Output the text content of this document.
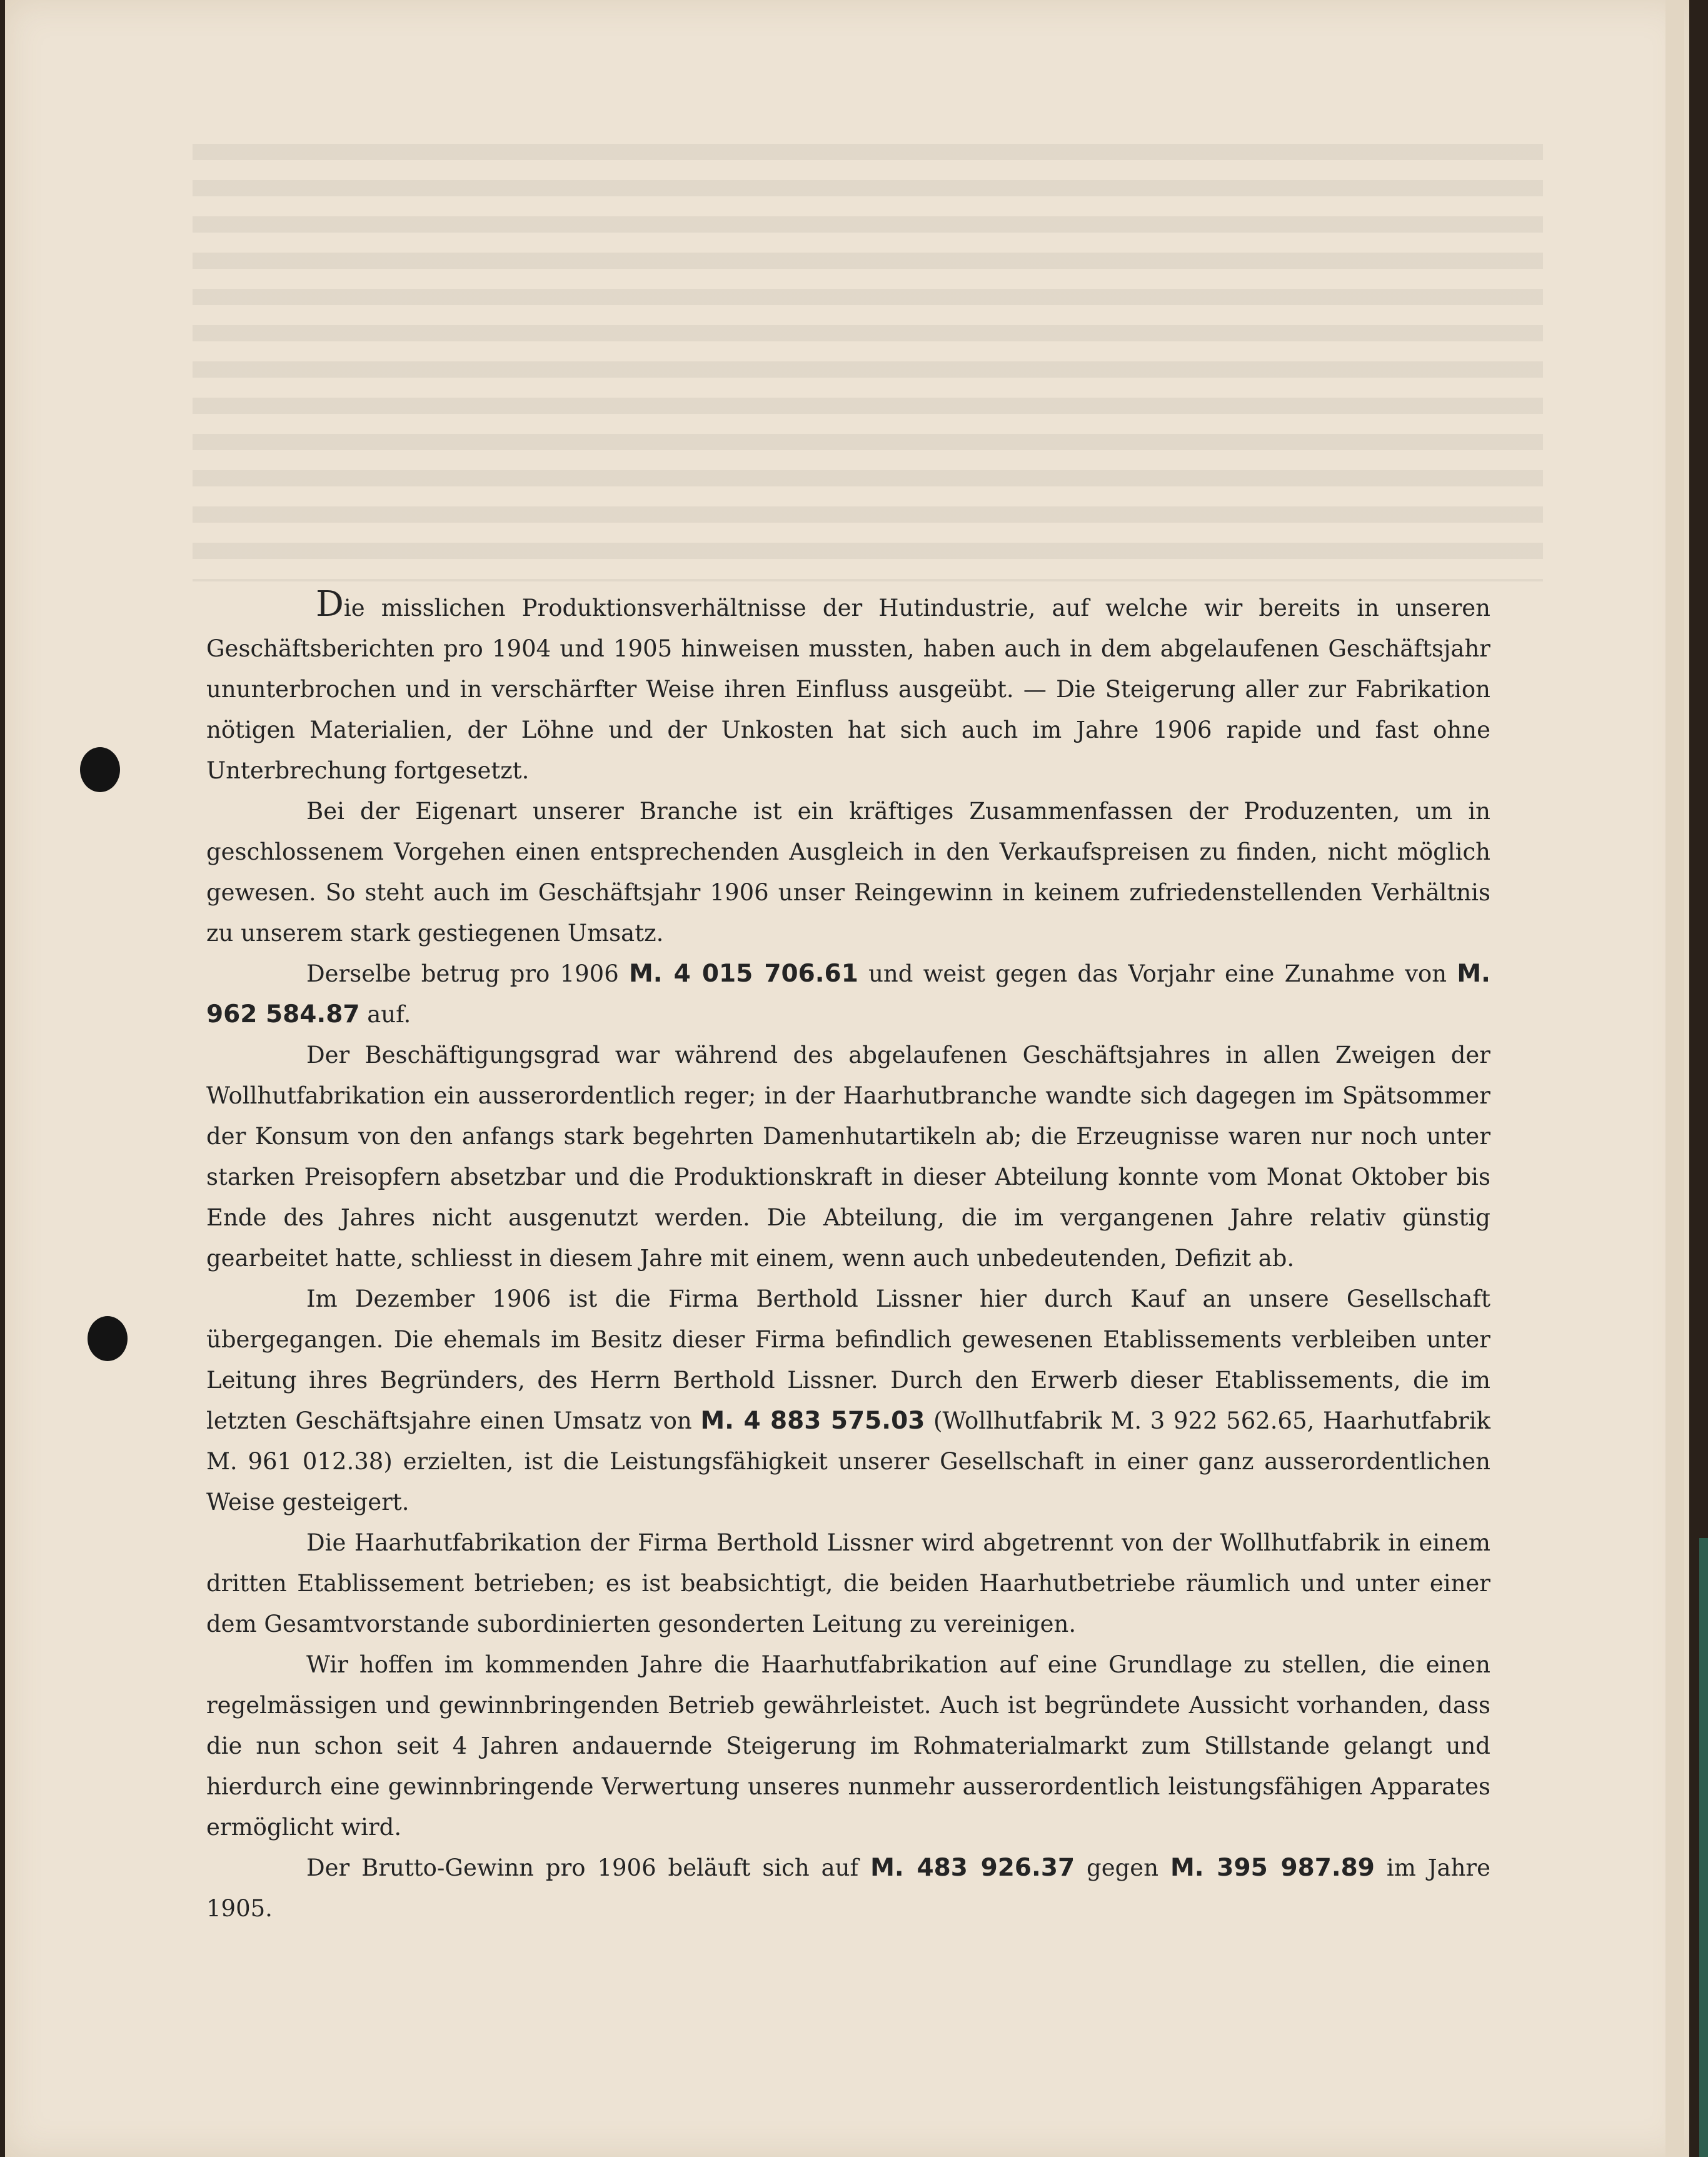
Die misslichen Produktionsverhältnisse der Hutindustrie, auf welche wir bereits in unseren Geschäftsberichten pro 1904 und 1905 hinweisen mussten, haben auch in dem abgelaufenen Geschäftsjahr ununterbrochen und in verschärfter Weise ihren Einfluss ausgeübt. — Die Steigerung aller zur Fabrikation nötigen Materialien, der Löhne und der Unkosten hat sich auch im Jahre 1906 rapide und fast ohne Unterbrechung fortgesetzt.

Bei der Eigenart unserer Branche ist ein kräftiges Zusammenfassen der Produzenten, um in geschlossenem Vorgehen einen entsprechenden Ausgleich in den Verkaufspreisen zu finden, nicht möglich gewesen. So steht auch im Geschäftsjahr 1906 unser Reingewinn in keinem zufriedenstellenden Verhältnis zu unserem stark gestiegenen Umsatz.

Derselbe betrug pro 1906 M. 4 015 706.61 und weist gegen das Vorjahr eine Zunahme von M. 962 584.87 auf.

Der Beschäftigungsgrad war während des abgelaufenen Geschäftsjahres in allen Zweigen der Wollhutfabrikation ein ausserordentlich reger; in der Haarhutbranche wandte sich dagegen im Spätsommer der Konsum von den anfangs stark begehrten Damenhutartikeln ab; die Erzeugnisse waren nur noch unter starken Preisopfern absetzbar und die Produktionskraft in dieser Abteilung konnte vom Monat Oktober bis Ende des Jahres nicht ausgenutzt werden. Die Abteilung, die im vergangenen Jahre relativ günstig gearbeitet hatte, schliesst in diesem Jahre mit einem, wenn auch unbedeutenden, Defizit ab.

Im Dezember 1906 ist die Firma Berthold Lissner hier durch Kauf an unsere Gesellschaft übergegangen. Die ehemals im Besitz dieser Firma befindlich gewesenen Etablissements verbleiben unter Leitung ihres Begründers, des Herrn Berthold Lissner. Durch den Erwerb dieser Etablissements, die im letzten Geschäftsjahre einen Umsatz von M. 4 883 575.03 (Wollhutfabrik M. 3 922 562.65, Haarhutfabrik M. 961 012.38) erzielten, ist die Leistungsfähigkeit unserer Gesellschaft in einer ganz ausserordentlichen Weise gesteigert.

Die Haarhutfabrikation der Firma Berthold Lissner wird abgetrennt von der Wollhutfabrik in einem dritten Etablissement betrieben; es ist beabsichtigt, die beiden Haarhutbetriebe räumlich und unter einer dem Gesamtvorstande subordinierten gesonderten Leitung zu vereinigen.

Wir hoffen im kommenden Jahre die Haarhutfabrikation auf eine Grundlage zu stellen, die einen regelmässigen und gewinnbringenden Betrieb gewährleistet. Auch ist begründete Aussicht vorhanden, dass die nun schon seit 4 Jahren andauernde Steigerung im Rohmaterialmarkt zum Stillstande gelangt und hierdurch eine gewinnbringende Verwertung unseres nunmehr ausserordentlich leistungsfähigen Apparates ermöglicht wird.

Der Brutto-Gewinn pro 1906 beläuft sich auf M. 483 926.37 gegen M. 395 987.89 im Jahre 1905.
